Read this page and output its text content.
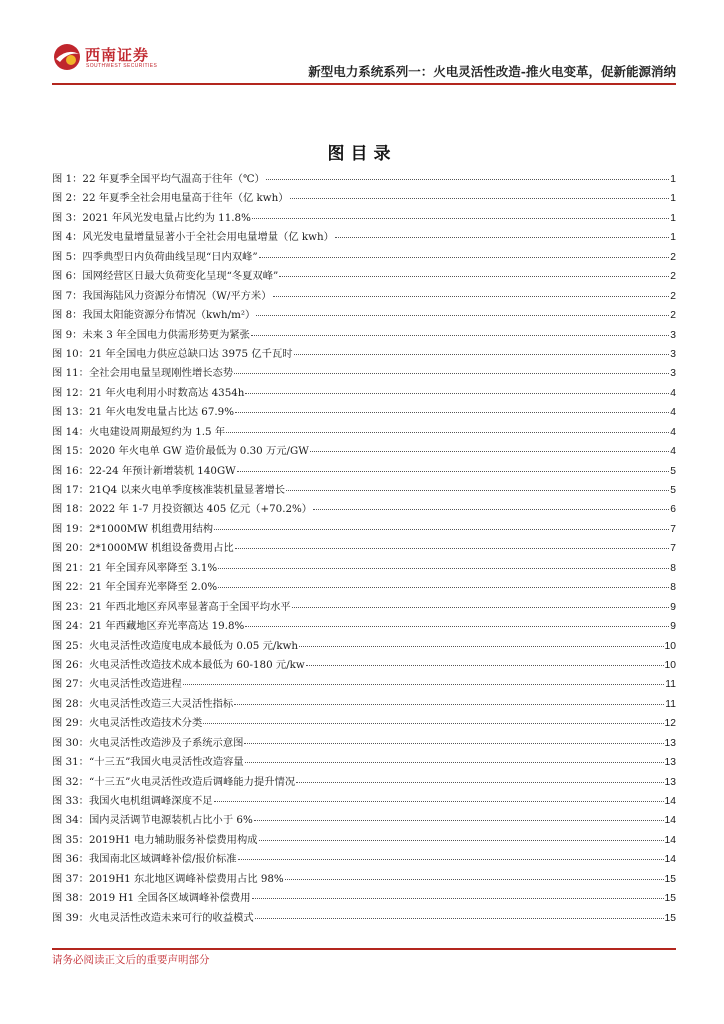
西南证券
SOUTHWEST SECURITIES	新型电力系统系列一：火电灵活性改造-推火电变革，促新能源消纳
图目录
图 1： 22 年夏季全国平均气温高于往年（℃）	1
图 2： 22 年夏季全社会用电量高于往年（亿 kwh）	1
图 3： 2021 年风光发电量占比约为 11.8%	1
图 4： 风光发电量增量显著小于全社会用电量增量（亿 kwh）	1
图 5： 四季典型日内负荷曲线呈现“日内双峰”	2
图 6： 国网经营区日最大负荷变化呈现“冬夏双峰”	2
图 7： 我国海陆风力资源分布情况（W/平方米）	2
图 8： 我国太阳能资源分布情况（kwh/m²）	2
图 9： 未来 3 年全国电力供需形势更为紧张	3
图 10： 21 年全国电力供应总缺口达 3975 亿千瓦时	3
图 11： 全社会用电量呈现刚性增长态势	3
图 12： 21 年火电利用小时数高达 4354h	4
图 13： 21 年火电发电量占比达 67.9%	4
图 14： 火电建设周期最短约为 1.5 年	4
图 15： 2020 年火电单 GW 造价最低为 0.30 万元/GW	4
图 16： 22-24 年预计新增装机 140GW	5
图 17： 21Q4 以来火电单季度核准装机量显著增长	5
图 18： 2022 年 1-7 月投资额达 405 亿元（+70.2%）	6
图 19： 2*1000MW 机组费用结构	7
图 20： 2*1000MW 机组设备费用占比	7
图 21： 21 年全国弃风率降至 3.1%	8
图 22： 21 年全国弃光率降至 2.0%	8
图 23： 21 年西北地区弃风率显著高于全国平均水平	9
图 24： 21 年西藏地区弃光率高达 19.8%	9
图 25： 火电灵活性改造度电成本最低为 0.05 元/kwh	10
图 26： 火电灵活性改造技术成本最低为 60-180 元/kw	10
图 27： 火电灵活性改造进程	11
图 28： 火电灵活性改造三大灵活性指标	11
图 29： 火电灵活性改造技术分类	12
图 30： 火电灵活性改造涉及子系统示意图	13
图 31： “十三五”我国火电灵活性改造容量	13
图 32： “十三五”火电灵活性改造后调峰能力提升情况	13
图 33： 我国火电机组调峰深度不足	14
图 34： 国内灵活调节电源装机占比小于 6%	14
图 35： 2019H1 电力辅助服务补偿费用构成	14
图 36： 我国南北区域调峰补偿/报价标准	14
图 37： 2019H1 东北地区调峰补偿费用占比 98%	15
图 38： 2019 H1 全国各区域调峰补偿费用	15
图 39： 火电灵活性改造未来可行的收益模式	15
请务必阅读正文后的重要声明部分
